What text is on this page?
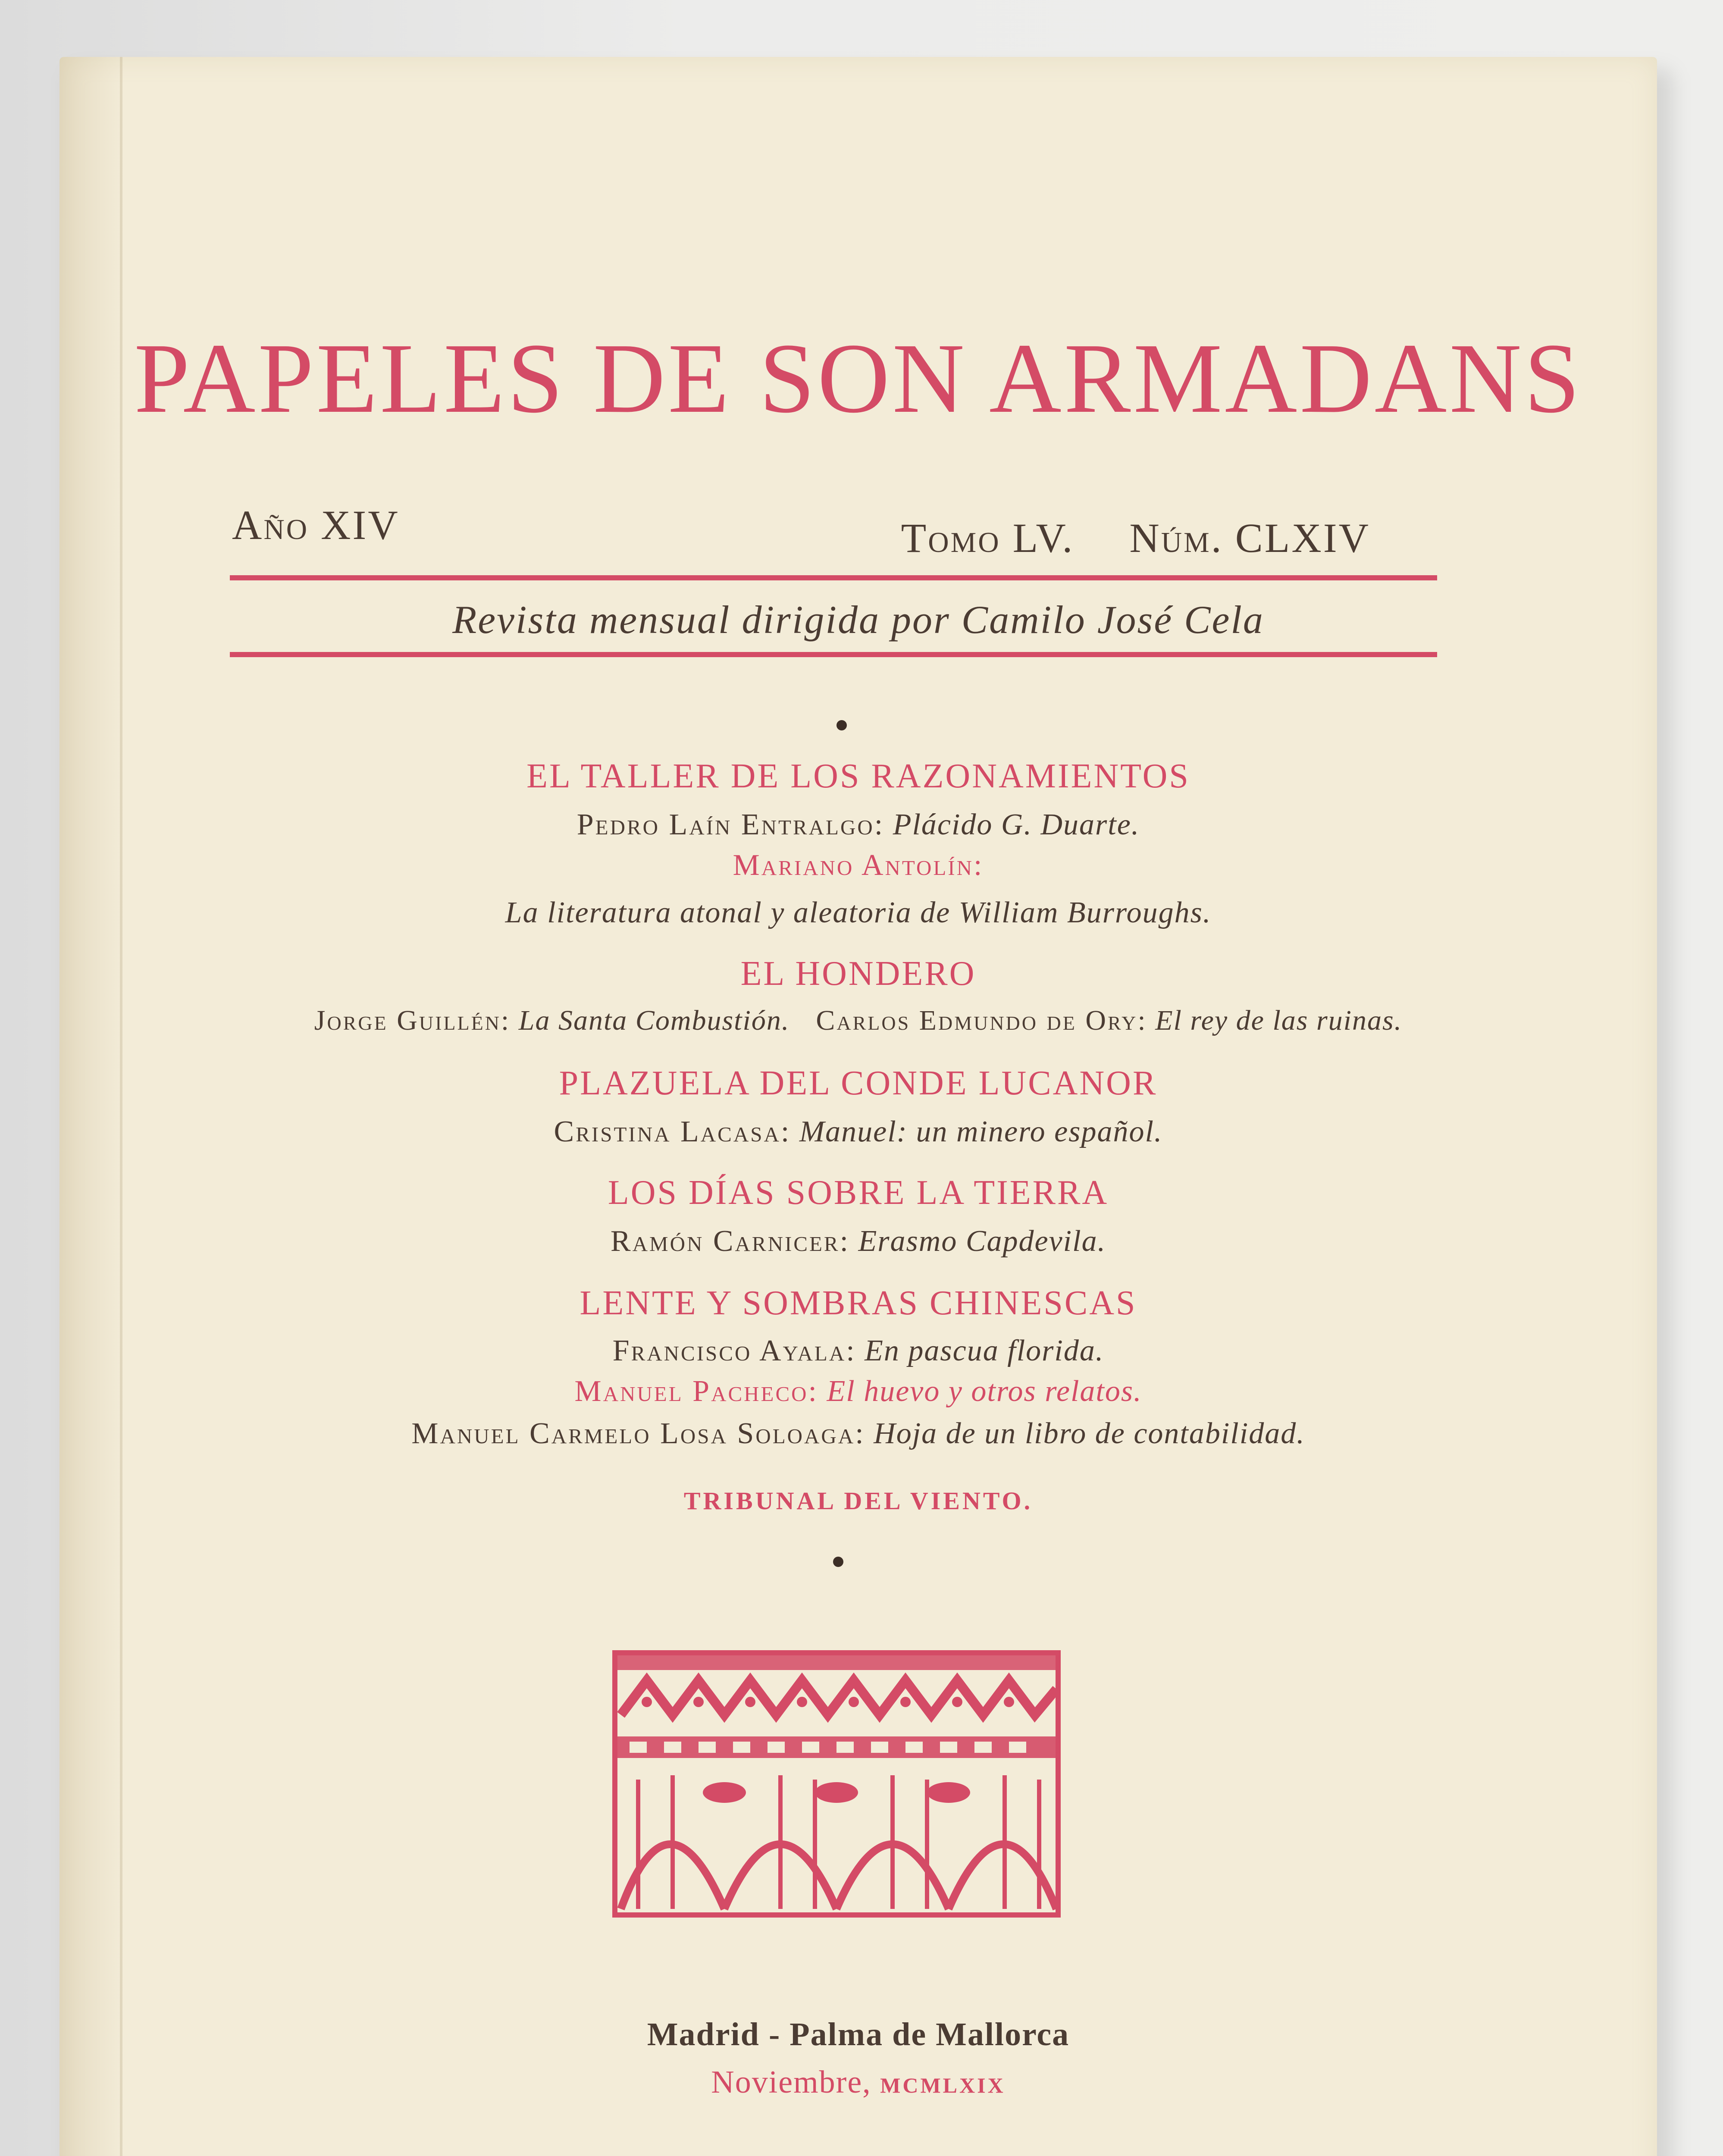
PAPELES DE SON ARMADANS
Año XIV	Tomo LV. Núm. CLXIV
Revista mensual dirigida por Camilo José Cela
EL TALLER DE LOS RAZONAMIENTOS
Pedro Laín Entralgo: Plácido G. Duarte.
Mariano Antolín:
La literatura atonal y aleatoria de William Burroughs.
EL HONDERO
Jorge Guillén: La Santa Combustión. Carlos Edmundo de Ory: El rey de las ruinas.
PLAZUELA DEL CONDE LUCANOR
Cristina Lacasa: Manuel: un minero español.
LOS DÍAS SOBRE LA TIERRA
Ramón Carnicer: Erasmo Capdevila.
LENTE Y SOMBRAS CHINESCAS
Francisco Ayala: En pascua florida.
Manuel Pacheco: El huevo y otros relatos.
Manuel Carmelo Losa Soloaga: Hoja de un libro de contabilidad.
TRIBUNAL DEL VIENTO.
Madrid - Palma de Mallorca
Noviembre, MCMLXIX
